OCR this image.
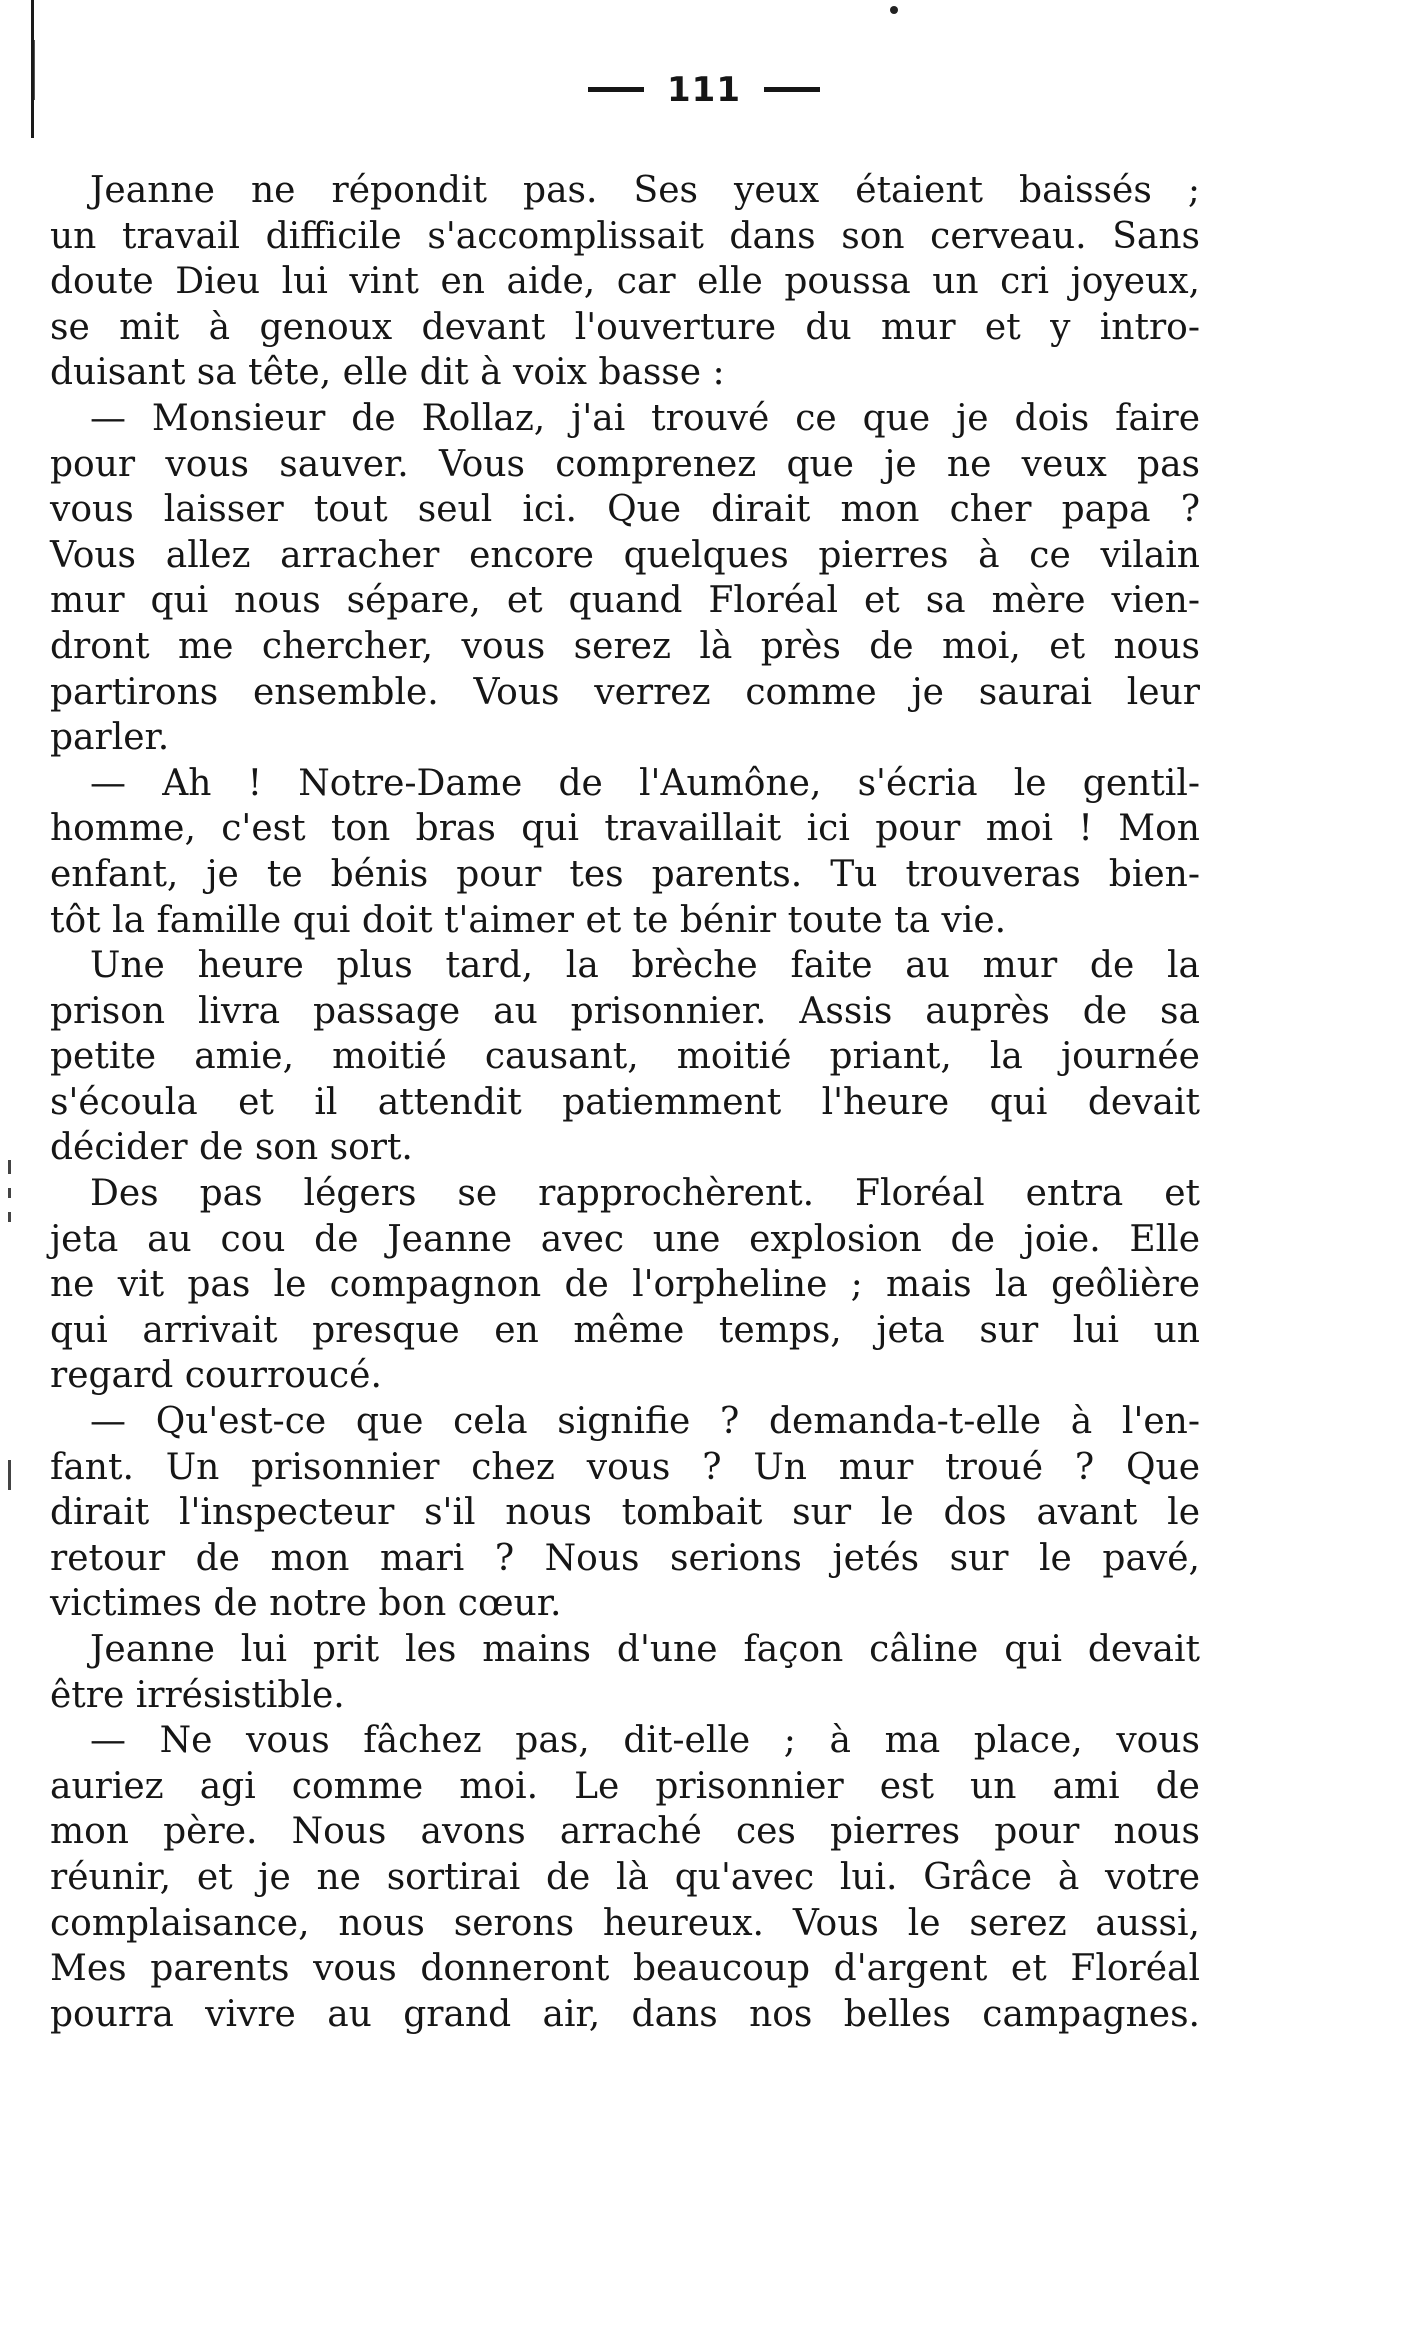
111
Jeanne ne répondit pas. Ses yeux étaient baissés ;
un travail difficile s'accomplissait dans son cerveau. Sans
doute Dieu lui vint en aide, car elle poussa un cri joyeux,
se mit à genoux devant l'ouverture du mur et y intro-
duisant sa tête, elle dit à voix basse :
— Monsieur de Rollaz, j'ai trouvé ce que je dois faire
pour vous sauver. Vous comprenez que je ne veux pas
vous laisser tout seul ici. Que dirait mon cher papa ?
Vous allez arracher encore quelques pierres à ce vilain
mur qui nous sépare, et quand Floréal et sa mère vien-
dront me chercher, vous serez là près de moi, et nous
partirons ensemble. Vous verrez comme je saurai leur
parler.
— Ah ! Notre-Dame de l'Aumône, s'écria le gentil-
homme, c'est ton bras qui travaillait ici pour moi ! Mon
enfant, je te bénis pour tes parents. Tu trouveras bien-
tôt la famille qui doit t'aimer et te bénir toute ta vie.
Une heure plus tard, la brèche faite au mur de la
prison livra passage au prisonnier. Assis auprès de sa
petite amie, moitié causant, moitié priant, la journée
s'écoula et il attendit patiemment l'heure qui devait
décider de son sort.
Des pas légers se rapprochèrent. Floréal entra et
jeta au cou de Jeanne avec une explosion de joie. Elle
ne vit pas le compagnon de l'orpheline ; mais la geôlière
qui arrivait presque en même temps, jeta sur lui un
regard courroucé.
— Qu'est-ce que cela signifie ? demanda-t-elle à l'en-
fant. Un prisonnier chez vous ? Un mur troué ? Que
dirait l'inspecteur s'il nous tombait sur le dos avant le
retour de mon mari ? Nous serions jetés sur le pavé,
victimes de notre bon cœur.
Jeanne lui prit les mains d'une façon câline qui devait
être irrésistible.
— Ne vous fâchez pas, dit-elle ; à ma place, vous
auriez agi comme moi. Le prisonnier est un ami de
mon père. Nous avons arraché ces pierres pour nous
réunir, et je ne sortirai de là qu'avec lui. Grâce à votre
complaisance, nous serons heureux. Vous le serez aussi,
Mes parents vous donneront beaucoup d'argent et Floréal
pourra vivre au grand air, dans nos belles campagnes.
